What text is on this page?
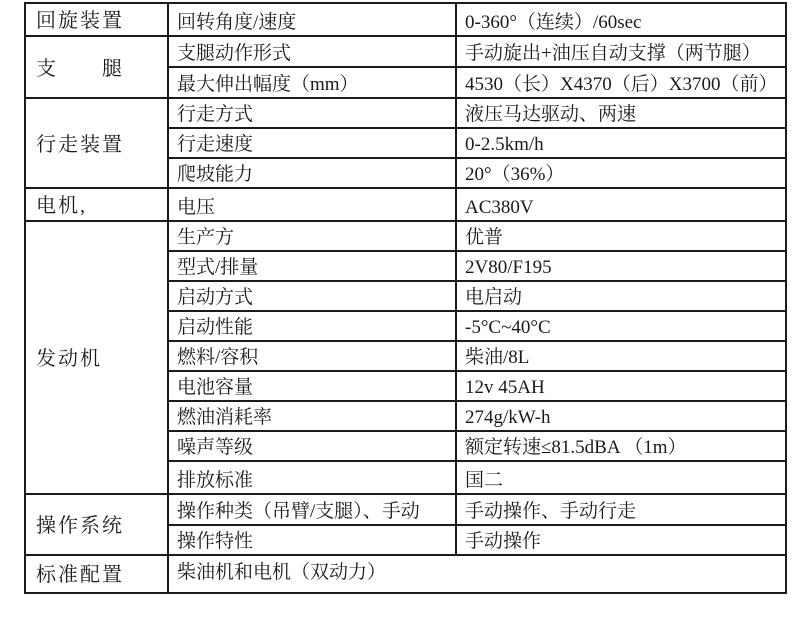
回旋装置	回转角度/速度	0-360°（连续）/60sec
支　　腿	支腿动作形式	手动旋出+油压自动支撑（两节腿）
	最大伸出幅度（mm）	4530（长）X4370（后）X3700（前）
行走装置	行走方式	液压马达驱动、两速
	行走速度	0-2.5km/h
	爬坡能力	20°（36%）
电机,	电压	AC380V
发动机	生产方	优普
	型式/排量	2V80/F195
	启动方式	电启动
	启动性能	-5°C~40°C
	燃料/容积	柴油/8L
	电池容量	12v 45AH
	燃油消耗率	274g/kW-h
	噪声等级	额定转速≤81.5dBA （1m）
	排放标准	国二
操作系统	操作种类（吊臂/支腿）、手动	手动操作、手动行走
	操作特性	手动操作
标准配置	柴油机和电机（双动力）	
